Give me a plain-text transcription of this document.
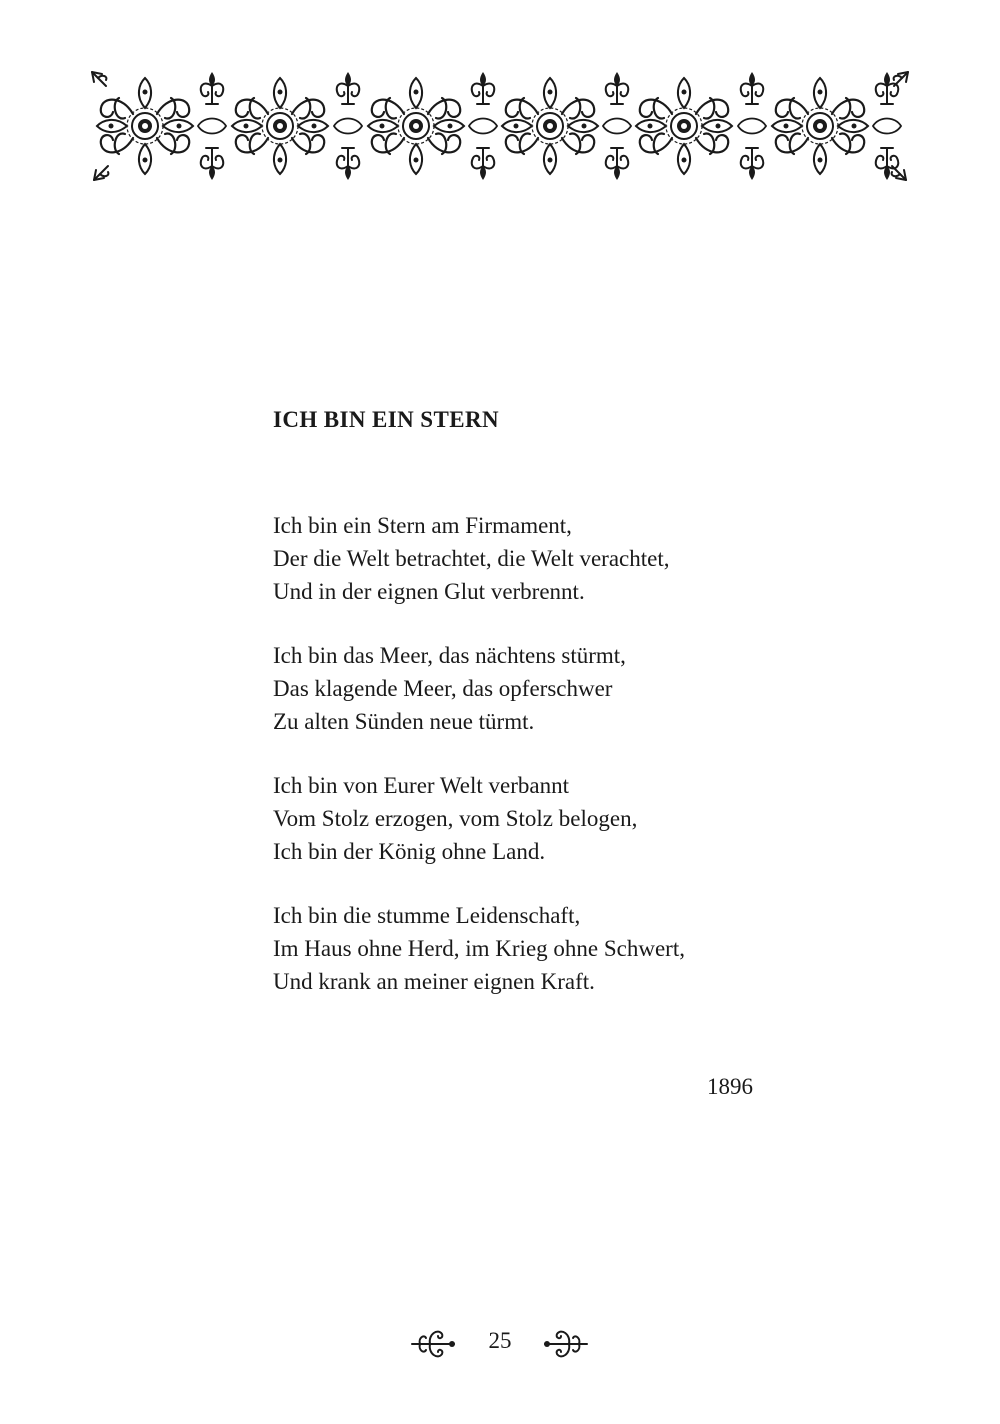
ICH BIN EIN STERN

Ich bin ein Stern am Firmament,
Der die Welt betrachtet, die Welt verachtet,
Und in der eignen Glut verbrennt.

Ich bin das Meer, das nächtens stürmt,
Das klagende Meer, das opferschwer
Zu alten Sünden neue türmt.

Ich bin von Eurer Welt verbannt
Vom Stolz erzogen, vom Stolz belogen,
Ich bin der König ohne Land.

Ich bin die stumme Leidenschaft,
Im Haus ohne Herd, im Krieg ohne Schwert,
Und krank an meiner eignen Kraft.

1896
25
